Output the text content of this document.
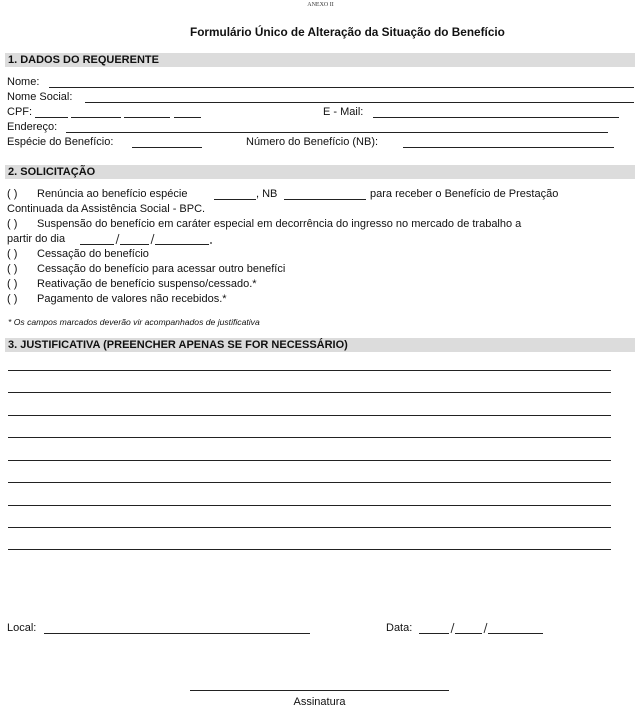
ANEXO II
Formulário Único de Alteração da Situação do Benefício
1. DADOS DO REQUERENTE
Nome:
Nome Social:
CPF:	E - Mail:
Endereço:
Espécie do Benefício:	Número do Benefício (NB):
2. SOLICITAÇÃO
( ) Renúncia ao benefício espécie	, NB	para receber o Benefício de Prestação
Continuada da Assistência Social - BPC.
( ) Suspensão do benefício em caráter especial em decorrência do ingresso no mercado de trabalho a
partir do dia
( ) Cessação do benefício
( ) Cessação do benefício para acessar outro benefíci
( ) Reativação de benefício suspenso/cessado.*
( ) Pagamento de valores não recebidos.*
* Os campos marcados deverão vir acompanhados de justificativa
3. JUSTIFICATIVA (PREENCHER APENAS SE FOR NECESSÁRIO)
Local:	Data:
Assinatura
